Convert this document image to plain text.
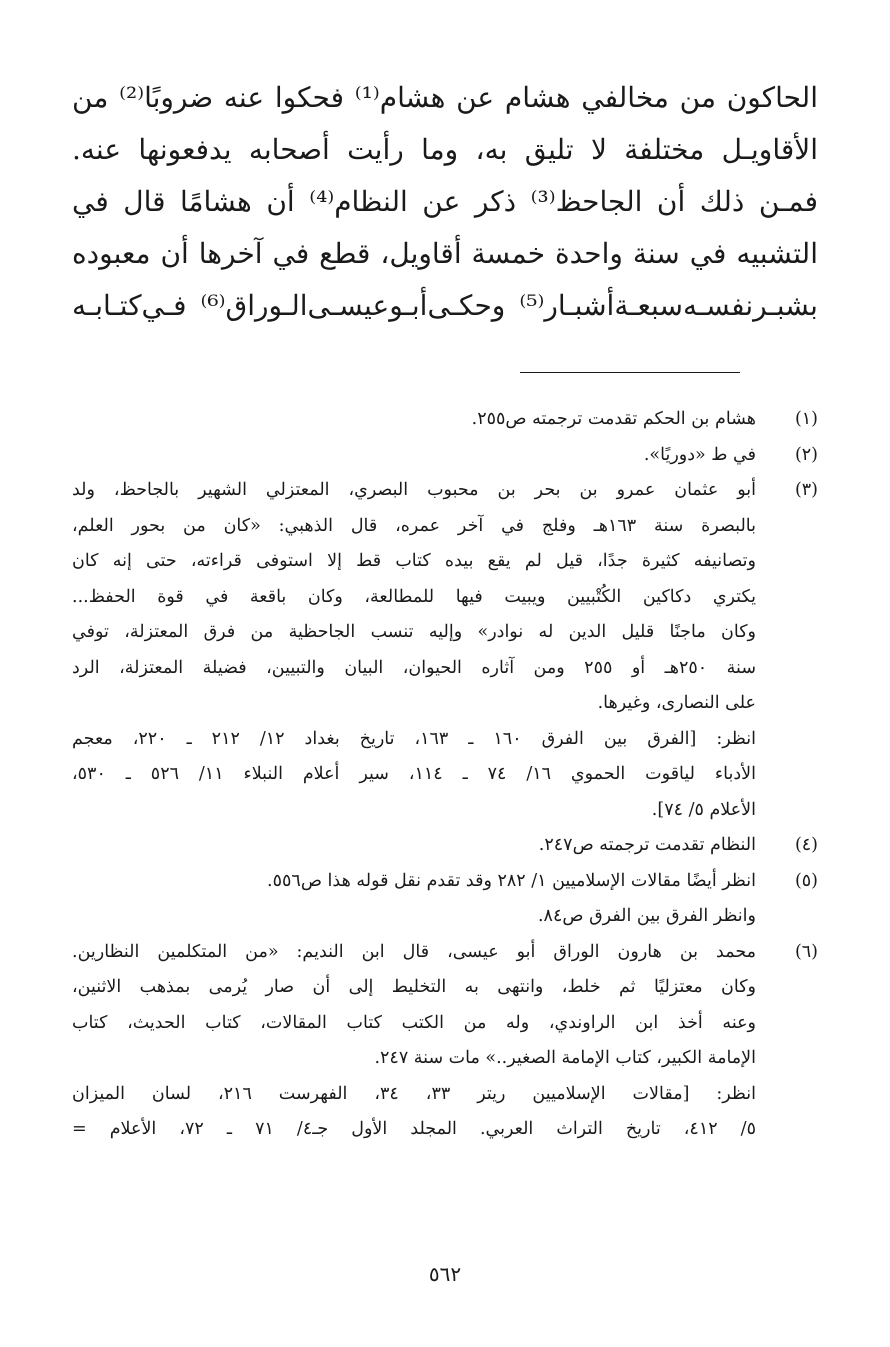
الحاكون من مخالفي هشام عن هشام⁽¹⁾ فحكوا عنه ضروبًا⁽²⁾ من
الأقاويـل مختلفة لا تليق به، وما رأيت أصحابه يدفعونها عنه.
فمـن ذلك أن الجاحظ⁽³⁾ ذكر عن النظام⁽⁴⁾ أن هشامًا قال في
التشبيه في سنة واحدة خمسة أقاويل، قطع في آخرها أن معبوده
بشبـرنفسـه‌سبعـة‌أشبـار⁽⁵⁾ وحكـى‌أبـوعيسـى‌الـوراق⁽⁶⁾ فـي‌كتـابـه
(١)
هشام بن الحكم تقدمت ترجمته ص٢٥٥.
(٢)
في ط «دوريًا».
(٣)
أبو عثمان عمرو بن بحر بن محبوب البصري، المعتزلي الشهير بالجاحظ، ولد
بالبصرة سنة ١٦٣هـ وفلج في آخر عمره، قال الذهبي: «كان من بحور العلم،
وتصانيفه كثيرة جدًا، قيل لم يقع بيده كتاب قط إلا استوفى قراءته، حتى إنه كان
يكتري دكاكين الكُتْبيين ويبيت فيها للمطالعة، وكان باقعة في قوة الحفظ...
وكان ماجنًا قليل الدين له نوادر» وإليه تنسب الجاحظية من فرق المعتزلة، توفي
سنة ٢٥٠هـ أو ٢٥٥ ومن آثاره الحيوان، البيان والتبيين، فضيلة المعتزلة، الرد
على النصارى، وغيرها.
انظر: [الفرق بين الفرق ١٦٠ ـ ١٦٣، تاريخ بغداد ١٢/ ٢١٢ ـ ٢٢٠، معجم
الأدباء لياقوت الحموي ١٦/ ٧٤ ـ ١١٤، سير أعلام النبلاء ١١/ ٥٢٦ ـ ٥٣٠،
الأعلام ٥/ ٧٤].
(٤)
النظام تقدمت ترجمته ص٢٤٧.
(٥)
انظر أيضًا مقالات الإسلاميين ١/ ٢٨٢ وقد تقدم نقل قوله هذا ص٥٥٦.
وانظر الفرق بين الفرق ص٨٤.
(٦)
محمد بن هارون الوراق أبو عيسى، قال ابن النديم: «من المتكلمين النظارين.
وكان معتزليًا ثم خلط، وانتهى به التخليط إلى أن صار يُرمى بمذهب الاثنين،
وعنه أخذ ابن الراوندي، وله من الكتب كتاب المقالات، كتاب الحديث، كتاب
الإمامة الكبير، كتاب الإمامة الصغير..» مات سنة ٢٤٧.
انظر: [مقالات الإسلاميين ريتر ٣٣، ٣٤، الفهرست ٢١٦، لسان الميزان
٥/ ٤١٢، تاريخ التراث العربي. المجلد الأول جـ٤/ ٧١ ـ ٧٢، الأعلام =
٥٦٢
